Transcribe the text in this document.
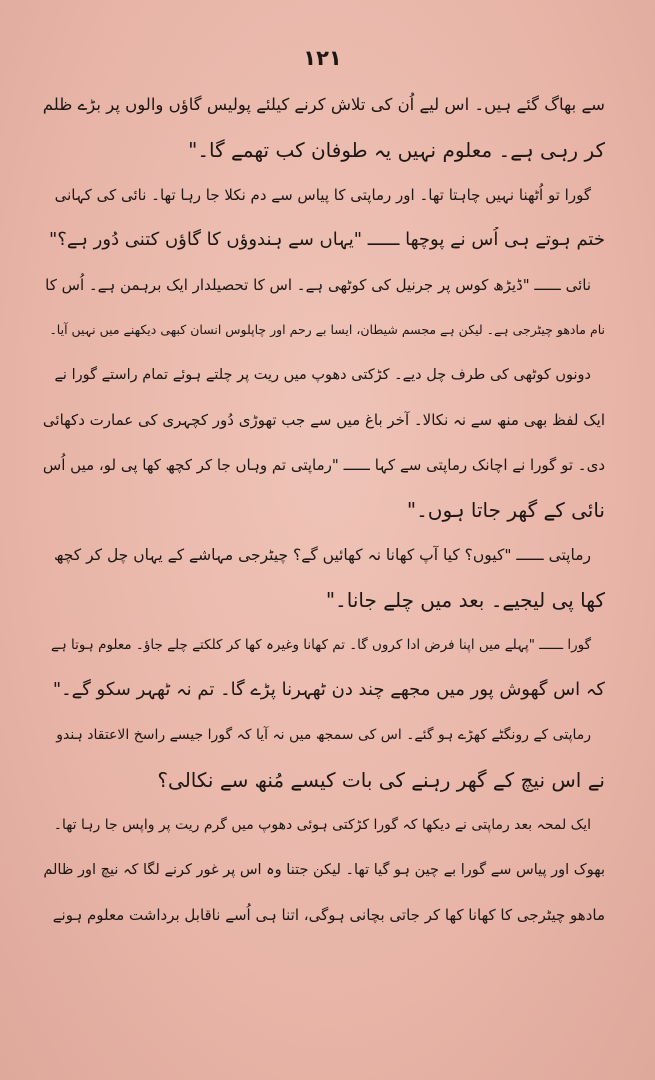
١٢١

سے بھاگ گئے ہیں۔ اس لیے اُن کی تلاش کرنے کیلئے پولیس گاؤں والوں پر بڑے ظلم

کر رہی ہے۔ معلوم نہیں یہ طوفان کب تھمے گا۔"

گورا تو اُٹھنا نہیں چاہتا تھا۔ اور رماپتی کا پیاس سے دم نکلا جا رہا تھا۔ نائی کی کہانی

ختم ہوتے ہی اُس نے پوچھا ــــــ "یہاں سے ہندوؤں کا گاؤں کتنی دُور ہے؟"

نائی ــــــ "ڈیڑھ کوس پر جرنیل کی کوٹھی ہے۔ اس کا تحصیلدار ایک برہمن ہے۔ اُس کا

نام مادھو چیٹرجی ہے۔ لیکن ہے مجسم شیطان، ایسا بے رحم اور چاپلوس انسان کبھی دیکھنے میں نہیں آیا۔

دونوں کوٹھی کی طرف چل دیے۔ کڑکتی دھوپ میں ریت پر چلتے ہوئے تمام راستے گورا نے

ایک لفظ بھی منھ سے نہ نکالا۔ آخر باغ میں سے جب تھوڑی دُور کچہری کی عمارت دکھائی

دی۔ تو گورا نے اچانک رماپتی سے کہا ــــــ "رماپتی تم وہاں جا کر کچھ کھا پی لو، میں اُس

نائی کے گھر جاتا ہوں۔"

رماپتی ــــــ "کیوں؟ کیا آپ کھانا نہ کھائیں گے؟ چیٹرجی مہاشے کے یہاں چل کر کچھ

کھا پی لیجیے۔ بعد میں چلے جانا۔"

گورا ــــــ "پہلے میں اپنا فرض ادا کروں گا۔ تم کھانا وغیرہ کھا کر کلکتے چلے جاؤ۔ معلوم ہوتا ہے

کہ اس گھوش پور میں مجھے چند دن ٹھہرنا پڑے گا۔ تم نہ ٹھہر سکو گے۔"

رماپتی کے رونگٹے کھڑے ہو گئے۔ اس کی سمجھ میں نہ آیا کہ گورا جیسے راسخ الاعتقاد ہندو

نے اس نیچ کے گھر رہنے کی بات کیسے مُنھ سے نکالی؟

ایک لمحہ بعد رماپتی نے دیکھا کہ گورا کڑکتی ہوئی دھوپ میں گرم ریت پر واپس جا رہا تھا۔

بھوک اور پیاس سے گورا بے چین ہو گیا تھا۔ لیکن جتنا وہ اس پر غور کرنے لگا کہ نیچ اور ظالم

مادھو چیٹرجی کا کھانا کھا کر جاتی بچانی ہوگی، اتنا ہی اُسے ناقابل برداشت معلوم ہونے
